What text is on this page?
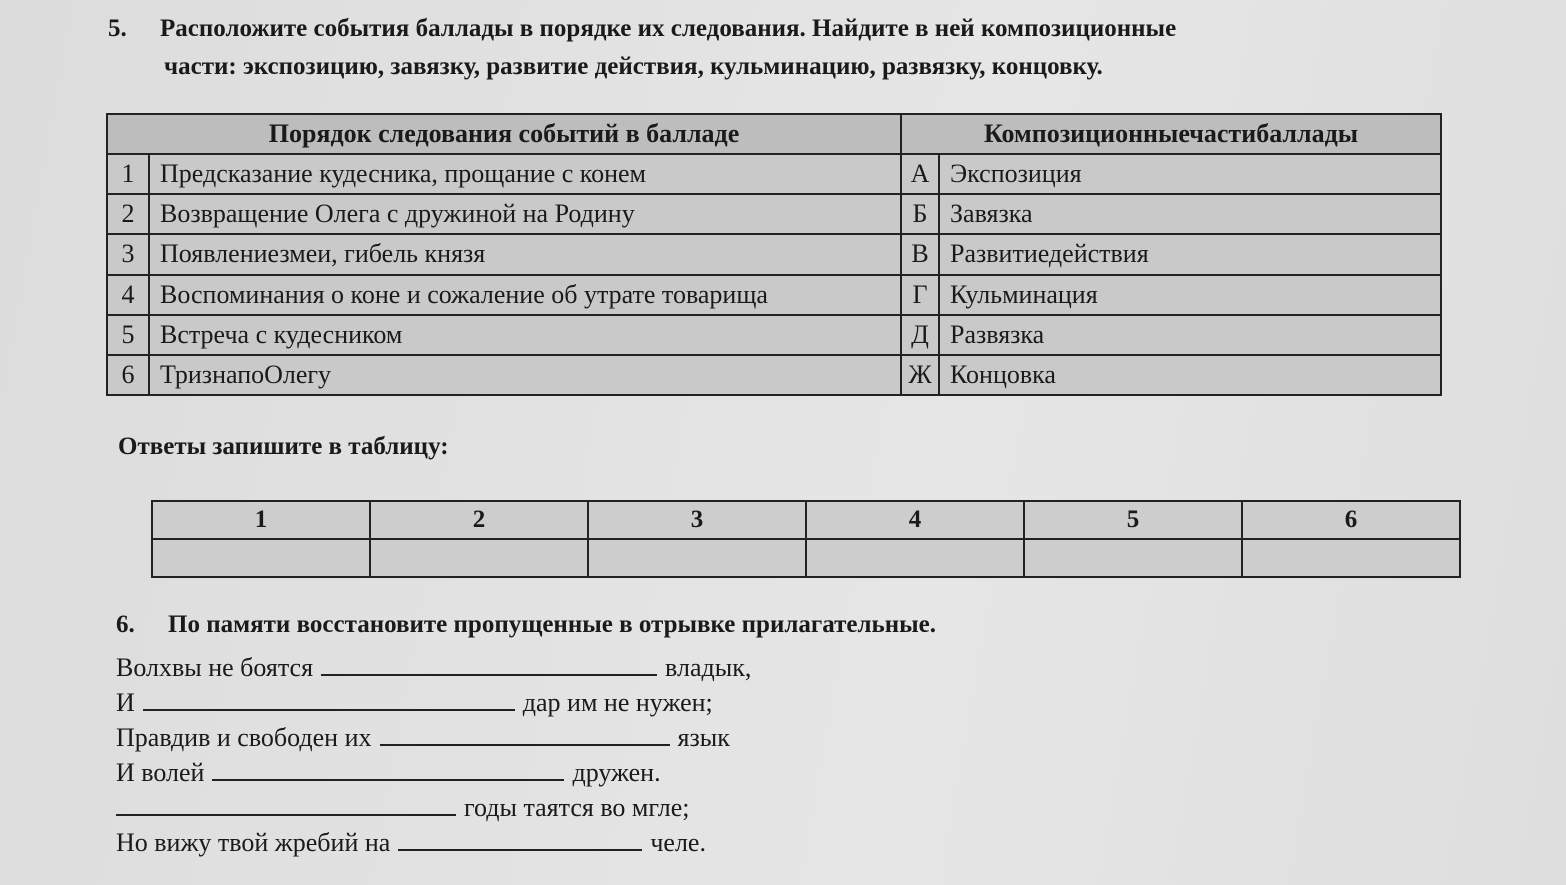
5. Расположите события баллады в порядке их следования. Найдите в ней композиционные
части: экспозицию, завязку, развитие действия, кульминацию, развязку, концовку.
Порядок следования событий в балладе		Композиционныечастибаллады	
1	Предсказание кудесника, прощание с конем	А	Экспозиция
2	Возвращение Олега с дружиной на Родину	Б	Завязка
3	Появлениезмеи, гибель князя	В	Развитиедействия
4	Воспоминания о коне и сожаление об утрате товарища	Г	Кульминация
5	Встреча с кудесником	Д	Развязка
6	ТризнапоОлегу	Ж	Концовка
Ответы запишите в таблицу:
1	2	3	4	5	6

6. По памяти восстановите пропущенные в отрывке прилагательные.
Волхвы не боятся	владык,
И	дар им не нужен;
Правдив и свободен их	язык
И волей	дружен.
годы таятся во мгле;
Но вижу твой жребий на	челе.
